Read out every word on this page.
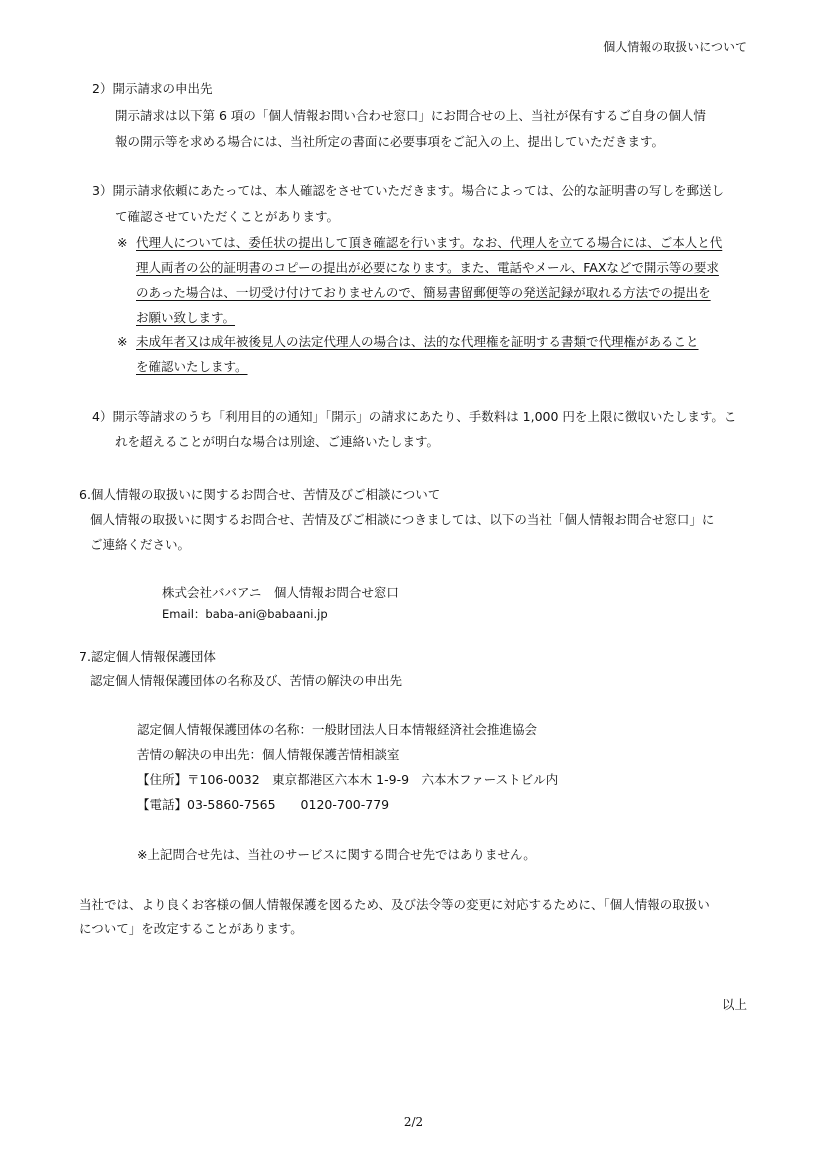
個人情報の取扱いについて
2）開示請求の申出先
開示請求は以下第 6 項の「個人情報お問い合わせ窓口」にお問合せの上、当社が保有するご自身の個人情
報の開示等を求める場合には、当社所定の書面に必要事項をご記入の上、提出していただきます。
3）開示請求依頼にあたっては、本人確認をさせていただきます。場合によっては、公的な証明書の写しを郵送し
て確認させていただくことがあります。
※ 代理人については、委任状の提出して頂き確認を行います。なお、代理人を立てる場合には、ご本人と代
理人両者の公的証明書のコピーの提出が必要になります。また、電話やメール、FAXなどで開示等の要求
のあった場合は、一切受け付けておりませんので、簡易書留郵便等の発送記録が取れる方法での提出を
お願い致します。
※ 未成年者又は成年被後見人の法定代理人の場合は、法的な代理権を証明する書類で代理権があること
を確認いたします。
4）開示等請求のうち「利用目的の通知」「開示」の請求にあたり、手数料は 1,000 円を上限に徴収いたします。こ
れを超えることが明白な場合は別途、ご連絡いたします。
6.個人情報の取扱いに関するお問合せ、苦情及びご相談について
個人情報の取扱いに関するお問合せ、苦情及びご相談につきましては、以下の当社「個人情報お問合せ窓口」に
ご連絡ください。
株式会社ババアニ　個人情報お問合せ窓口
Email：baba-ani@babaani.jp
7.認定個人情報保護団体
認定個人情報保護団体の名称及び、苦情の解決の申出先
認定個人情報保護団体の名称：一般財団法人日本情報経済社会推進協会
苦情の解決の申出先：個人情報保護苦情相談室
【住所】〒106-0032　東京都港区六本木 1-9-9　六本木ファーストビル内
【電話】03-5860-7565　　0120-700-779
※上記問合せ先は、当社のサービスに関する問合せ先ではありません。
当社では、より良くお客様の個人情報保護を図るため、及び法令等の変更に対応するために、「個人情報の取扱い
について」を改定することがあります。
以上
2/2
